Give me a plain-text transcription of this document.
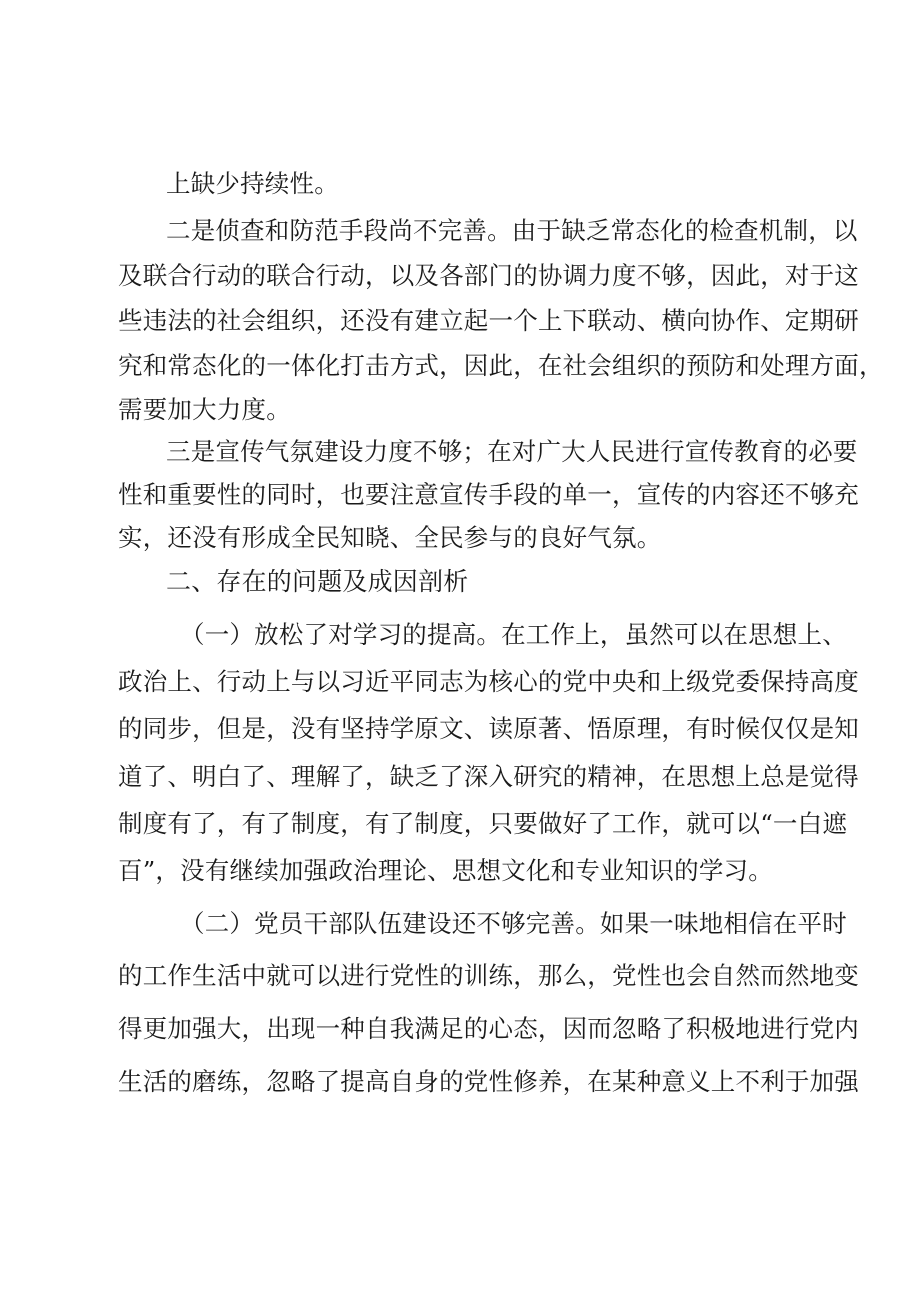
上缺少持续性。
二是侦查和防范手段尚不完善。由于缺乏常态化的检查机制，以
及联合行动的联合行动，以及各部门的协调力度不够，因此，对于这
些违法的社会组织，还没有建立起一个上下联动、横向协作、定期研
究和常态化的一体化打击方式，因此，在社会组织的预防和处理方面，
需要加大力度。
三是宣传气氛建设力度不够；在对广大人民进行宣传教育的必要
性和重要性的同时，也要注意宣传手段的单一，宣传的内容还不够充
实，还没有形成全民知晓、全民参与的良好气氛。
二、存在的问题及成因剖析
（一）放松了对学习的提高。在工作上，虽然可以在思想上、
政治上、行动上与以习近平同志为核心的党中央和上级党委保持高度
的同步，但是，没有坚持学原文、读原著、悟原理，有时候仅仅是知
道了、明白了、理解了，缺乏了深入研究的精神，在思想上总是觉得
制度有了，有了制度，有了制度，只要做好了工作，就可以“一白遮
百”，没有继续加强政治理论、思想文化和专业知识的学习。
（二）党员干部队伍建设还不够完善。如果一味地相信在平时
的工作生活中就可以进行党性的训练，那么，党性也会自然而然地变
得更加强大，出现一种自我满足的心态，因而忽略了积极地进行党内
生活的磨练，忽略了提高自身的党性修养，在某种意义上不利于加强
